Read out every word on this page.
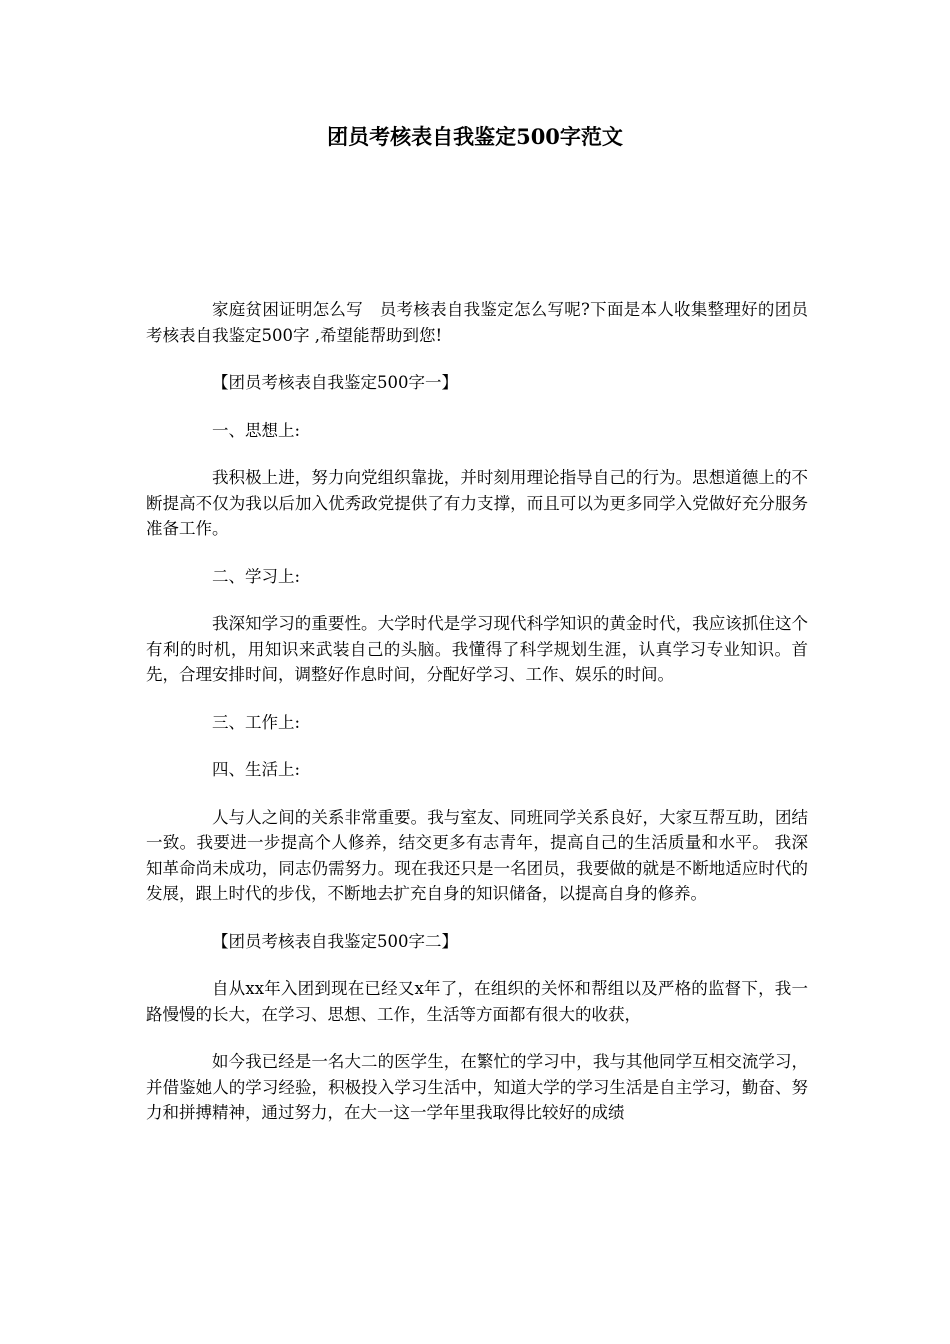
团员考核表自我鉴定500字范文

家庭贫困证明怎么写　员考核表自我鉴定怎么写呢?下面是本人收集整理好的团员考核表自我鉴定500字 ,希望能帮助到您!

【团员考核表自我鉴定500字一】

一、思想上:

我积极上进，努力向党组织靠拢，并时刻用理论指导自己的行为。思想道德上的不断提高不仅为我以后加入优秀政党提供了有力支撑，而且可以为更多同学入党做好充分服务准备工作。

二、学习上:

我深知学习的重要性。大学时代是学习现代科学知识的黄金时代，我应该抓住这个有利的时机，用知识来武装自己的头脑。我懂得了科学规划生涯，认真学习专业知识。首先，合理安排时间，调整好作息时间，分配好学习、工作、娱乐的时间。

三、工作上:

四、生活上:

人与人之间的关系非常重要。我与室友、同班同学关系良好，大家互帮互助，团结一致。我要进一步提高个人修养，结交更多有志青年，提高自己的生活质量和水平。 我深知革命尚未成功，同志仍需努力。现在我还只是一名团员，我要做的就是不断地适应时代的发展，跟上时代的步伐，不断地去扩充自身的知识储备，以提高自身的修养。

【团员考核表自我鉴定500字二】

自从xx年入团到现在已经又x年了，在组织的关怀和帮组以及严格的监督下，我一路慢慢的长大，在学习、思想、工作，生活等方面都有很大的收获，

如今我已经是一名大二的医学生，在繁忙的学习中，我与其他同学互相交流学习，并借鉴她人的学习经验，积极投入学习生活中，知道大学的学习生活是自主学习，勤奋、努力和拼搏精神，通过努力，在大一这一学年里我取得比较好的成绩
